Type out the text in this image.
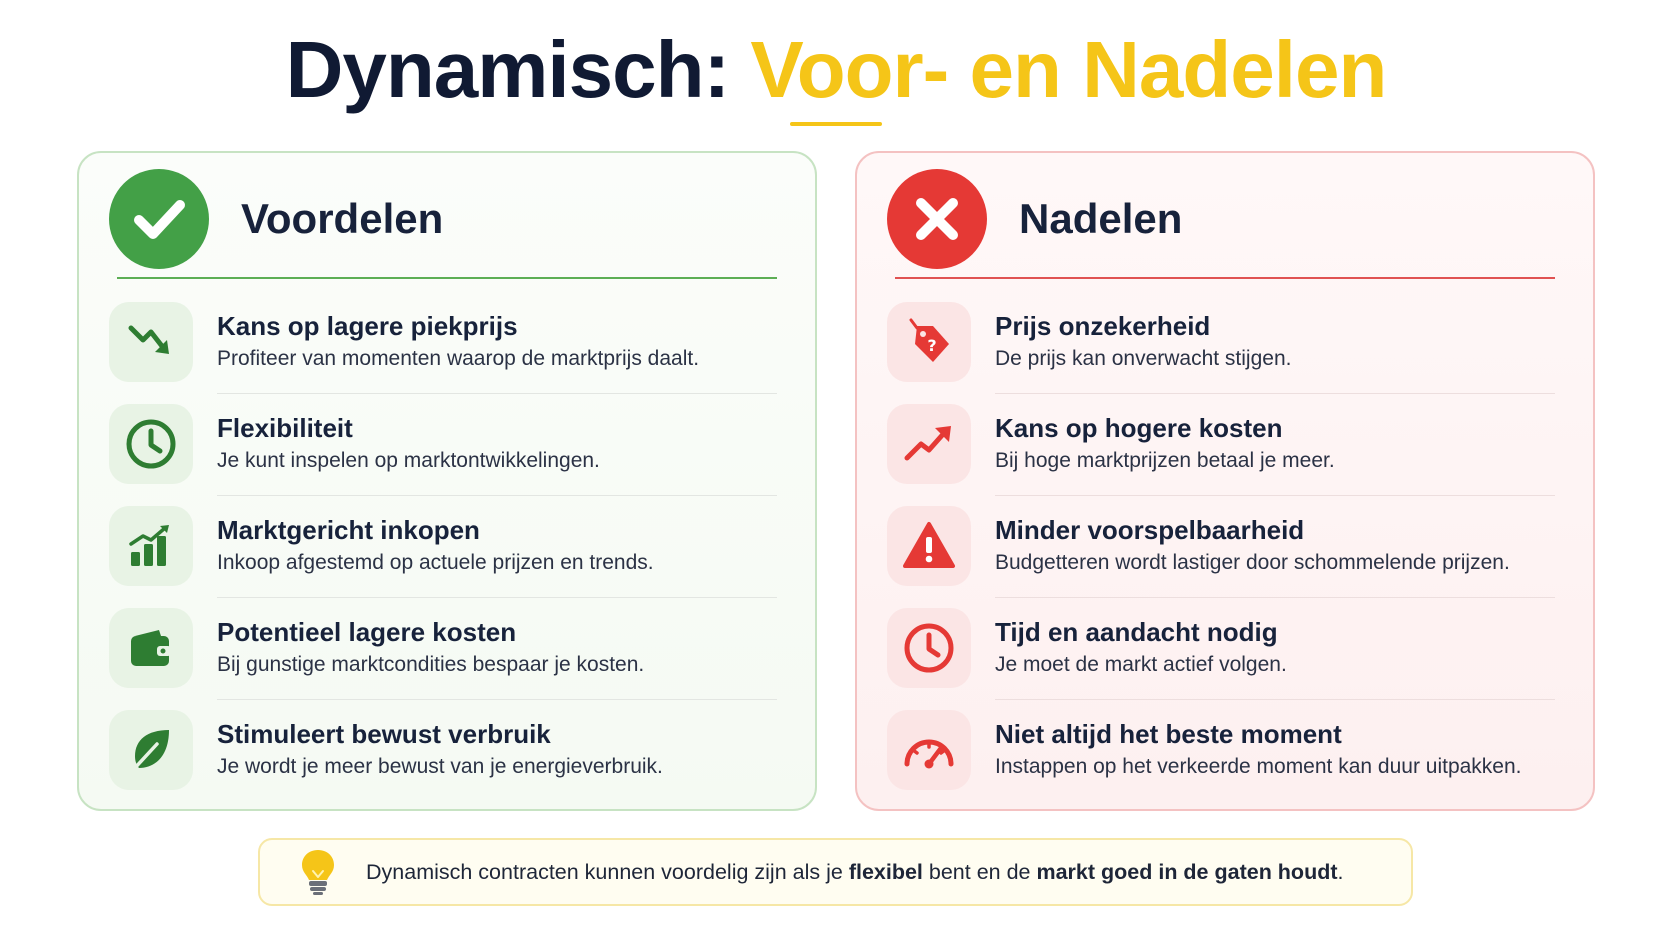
Dynamisch: Voor- en Nadelen
Voordelen
Kans op lagere piekprijs
Profiteer van momenten waarop de marktprijs daalt.
Flexibiliteit
Je kunt inspelen op marktontwikkelingen.
Marktgericht inkopen
Inkoop afgestemd op actuele prijzen en trends.
Potentieel lagere kosten
Bij gunstige marktcondities bespaar je kosten.
Stimuleert bewust verbruik
Je wordt je meer bewust van je energieverbruik.
Nadelen
?
Prijs onzekerheid
De prijs kan onverwacht stijgen.
Kans op hogere kosten
Bij hoge marktprijzen betaal je meer.
Minder voorspelbaarheid
Budgetteren wordt lastiger door schommelende prijzen.
Tijd en aandacht nodig
Je moet de markt actief volgen.
Niet altijd het beste moment
Instappen op het verkeerde moment kan duur uitpakken.
Dynamisch contracten kunnen voordelig zijn als je flexibel bent en de markt goed in de gaten houdt.
